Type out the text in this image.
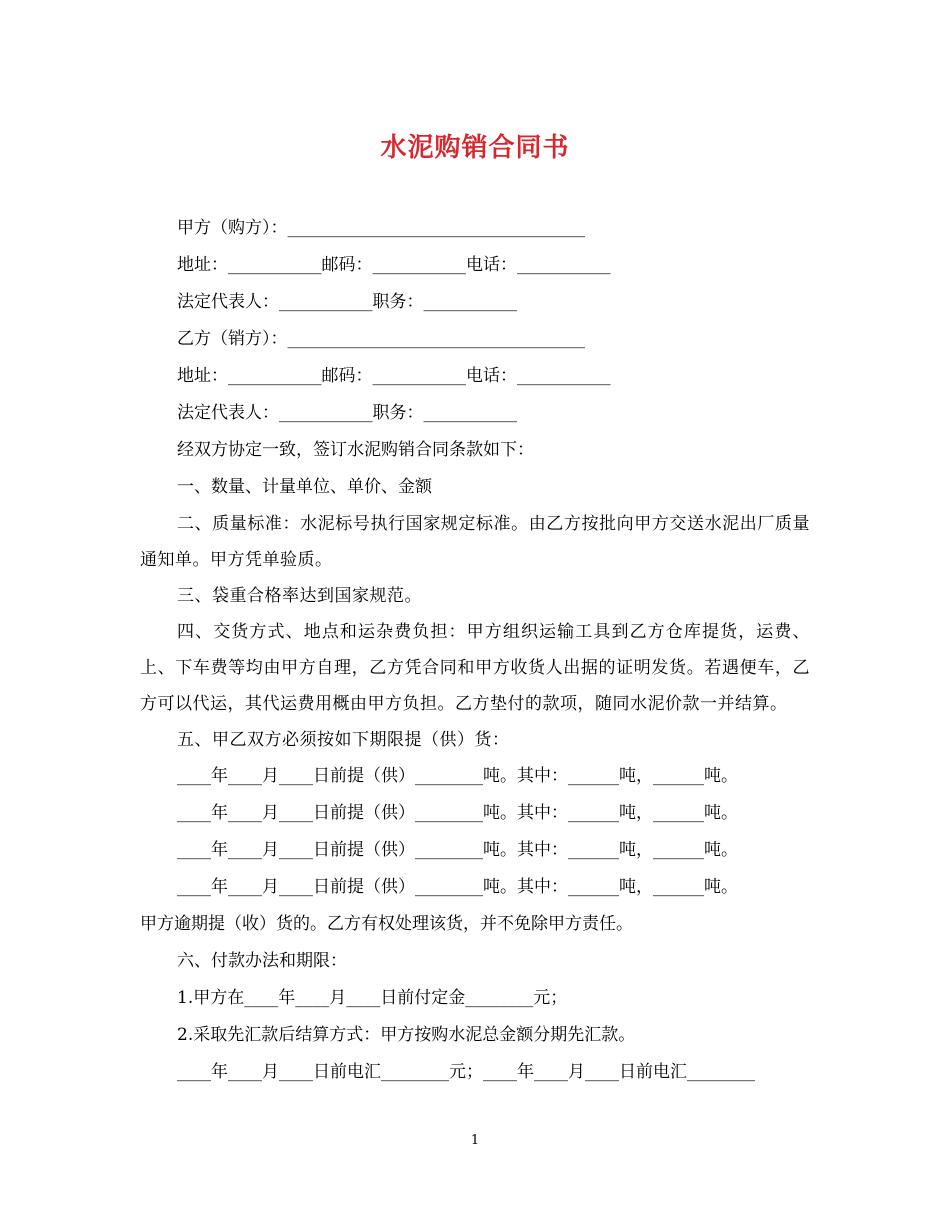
水泥购销合同书

甲方（购方）：___________________________________

地址：___________邮码：___________电话：___________

法定代表人：___________职务：___________

乙方（销方）：___________________________________

地址：___________邮码：___________电话：___________

法定代表人：___________职务：___________

经双方协定一致，签订水泥购销合同条款如下：

一、数量、计量单位、单价、金额

二、质量标准：水泥标号执行国家规定标准。由乙方按批向甲方交送水泥出厂质量通知单。甲方凭单验质。

三、袋重合格率达到国家规范。

四、交货方式、地点和运杂费负担：甲方组织运输工具到乙方仓库提货，运费、上、下车费等均由甲方自理，乙方凭合同和甲方收货人出据的证明发货。若遇便车，乙方可以代运，其代运费用概由甲方负担。乙方垫付的款项，随同水泥价款一并结算。

五、甲乙双方必须按如下期限提（供）货：

____年____月____日前提（供）________吨。其中：______吨，______吨。

____年____月____日前提（供）________吨。其中：______吨，______吨。

____年____月____日前提（供）________吨。其中：______吨，______吨。

____年____月____日前提（供）________吨。其中：______吨，______吨。

甲方逾期提（收）货的。乙方有权处理该货，并不免除甲方责任。

六、付款办法和期限：

1.甲方在____年____月____日前付定金________元；

2.采取先汇款后结算方式：甲方按购水泥总金额分期先汇款。

____年____月____日前电汇________元；____年____月____日前电汇________

1
